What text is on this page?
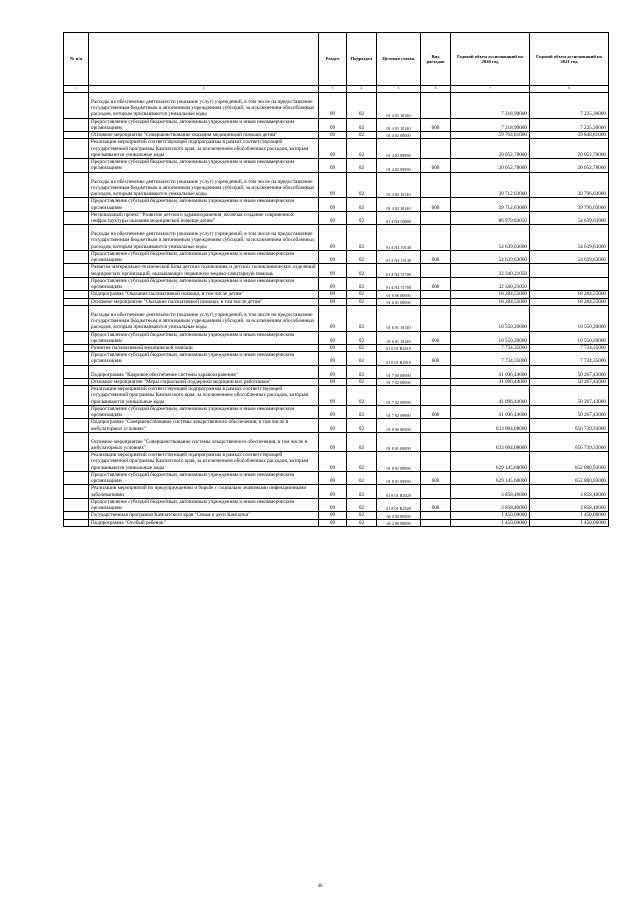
№ п/п		Раздел	Подраздел	Целевая статья	Вид расходов	Годовой объем ассигнований на 2020 год	Годовой объем ассигнований на 2021 год
1	2	3	4	5	6	7	8

	Расходы на обеспечение деятельности (оказание услуг) учреждений, в том числе на предоставление государственным бюджетным и автономным учреждениям субсидий, за исключением обособленных расходов, которым присваиваются уникальные коды	09	02	01 4 01 10140		7 218,90000	7 225,30000

	Предоставление субсидий бюджетным, автономным учреждениям и иным некоммерческим организациям	09	02	01 4 01 10140	600	7 218,90000	7 225,30000

	Основное мероприятие "Совершенствование оказания медицинской помощи детям"	09	02	01 4 02 00000		59 764,81000	59 848,81000

	Реализация мероприятий соответствующей подпрограммы в рамках соответствующей государственной программы Камчатского края, за исключением обособленных расходов, которым присваиваются уникальные коды	09	02	01 4 02 09990		20 052,78000	20 052,78000

	Предоставление субсидий бюджетным, автономным учреждениям и иным некоммерческим организациям	09	02	01 4 02 09990	600	20 052,78000	20 052,78000

	Расходы на обеспечение деятельности (оказание услуг) учреждений, в том числе на предоставление государственным бюджетным и автономным учреждениям субсидий, за исключением обособленных расходов, которым присваиваются уникальные коды	09	02	01 4 02 10140		39 712,03000	39 796,03000

	Предоставление субсидий бюджетным, автономным учреждениям и иным некоммерческим организациям	09	02	01 4 02 10140	600	39 712,03000	39 796,03000

	Региональный проект "Развитие детского здравоохранения, включая создание современной инфраструктуры оказания медицинской помощи детям"	09	02	01 4 N4 00000		86 979,84050	54 639,63000

	Расходы на обеспечение деятельности (оказание услуг) учреждений, в том числе на предоставление государственным бюджетным и автономным учреждениям субсидий, за исключением обособленных расходов, которым присваиваются уникальные коды	09	02	01 4 N4 10140		54 639,63000	54 639,63000

	Предоставление субсидий бюджетным, автономным учреждениям и иным некоммерческим организациям	09	02	01 4 N4 10140	600	54 639,63000	54 639,63000

	Развитие материально-технической базы детских поликлиник и детских поликлинических отделений медицинских организаций, оказывающих первичную медико-санитарную помощь	09	02	01 4 N4 51700		32 340,21050	

	Предоставление субсидий бюджетным, автономным учреждениям и иным некоммерческим организациям	09	02	01 4 N4 51700	600	32 340,21050	

	Подпрограмма "Оказание паллиативной помощи, в том числе детям"	09	02	01 6 00 00000		18 284,55000	18 284,55000

	Основное мероприятие "Оказание паллиативной помощи, в том числе детям"	09	02	01 6 01 00000		18 284,55000	18 284,55000

	Расходы на обеспечение деятельности (оказание услуг) учреждений, в том числе на предоставление государственным бюджетным и автономным учреждениям субсидий, за исключением обособленных расходов, которым присваиваются уникальные коды	09	02	01 6 01 10140		10 550,20000	10 550,20000

	Предоставление субсидий бюджетным, автономным учреждениям и иным некоммерческим организациям	09	02	01 6 01 10140	600	10 550,20000	10 550,20000

	Развитие паллиативной медицинской помощи	09	02	01 6 01 R2010		7 734,35000	7 734,35000

	Предоставление субсидий бюджетным, автономным учреждениям и иным некоммерческим организациям	09	02	01 6 01 R2010	600	7 734,35000	7 734,35000

	Подпрограмма "Кадровое обеспечение системы здравоохранения"	09	02	01 7 00 00000		41 096,44000	50 267,43000

	Основное мероприятие "Меры социальной поддержки медицинских работников"	09	02	01 7 02 00000		41 096,44000	50 267,43000

	Реализация мероприятий соответствующей подпрограммы в рамках соответствующей государственной программы Камчатского края, за исключением обособленных расходов, которым присваиваются уникальные коды	09	02	01 7 02 09990		41 096,44000	50 267,43000

	Предоставление субсидий бюджетным, автономным учреждениям и иным некоммерческим организациям	09	02	01 7 02 09990	600	41 096,44000	50 267,43000

	Подпрограмма "Совершенствование системы лекарственного обеспечения, в том числе в амбулаторных условиях"	09	02	01 8 00 00000		633 004,08000	656 739,33000

	Основное мероприятие "Совершенствование системы лекарственного обеспечения, в том числе в амбулаторных условиях"	09	02	01 8 01 00000		633 004,08000	656 739,33000

	Реализация мероприятий соответствующей подпрограммы в рамках соответствующей государственной программы Камчатского края, за исключением обособленных расходов, которым присваиваются уникальные коды	09	02	01 8 01 09990		629 145,68000	652 880,93000

	Предоставление субсидий бюджетным, автономным учреждениям и иным некоммерческим организациям	09	02	01 8 01 09990	600	629 145,68000	652 880,93000

	Реализация мероприятий по предупреждению и борьбе с социально значимыми инфекционными заболеваниями	09	02	01 8 01 R2020		3 858,40000	3 858,40000

	Предоставление субсидий бюджетным, автономным учреждениям и иным некоммерческим организациям	09	02	01 8 01 R2020	600	3 858,40000	3 858,40000

	Государственная программа Камчатского края "Семья и дети Камчатки"	09	02	04 0 00 00000		1 450,00000	1 450,00000

	Подпрограмма "Особый ребенок"	09	02	04 2 00 00000		1 450,00000	1 450,00000
46
